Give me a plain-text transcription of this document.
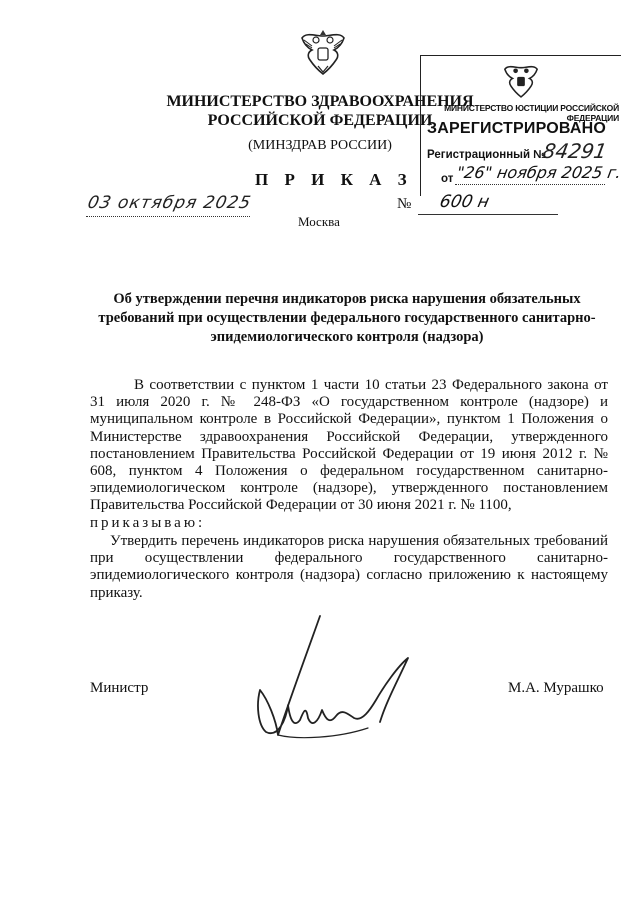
МИНИСТЕРСТВО ЗДРАВООХРАНЕНИЯ
РОССИЙСКОЙ ФЕДЕРАЦИИ
(МИНЗДРАВ РОССИИ)
МИНИСТЕРСТВО ЮСТИЦИИ РОССИЙСКОЙ ФЕДЕРАЦИИ
ЗАРЕГИСТРИРОВАНО
Регистрационный №
84291
от "26" ноября 2025 г.
П Р И К А З
03 октября 2025
Москва
№ 600 н
Об утверждении перечня индикаторов риска нарушения обязательных требований при осуществлении федерального государственного санитарно-эпидемиологического контроля (надзора)
В соответствии с пунктом 1 части 10 статьи 23 Федерального закона от 31 июля 2020 г. № 248-ФЗ «О государственном контроле (надзоре) и муниципальном контроле в Российской Федерации», пунктом 1 Положения о Министерстве здравоохранения Российской Федерации, утвержденного постановлением Правительства Российской Федерации от 19 июня 2012 г. № 608, пунктом 4 Положения о федеральном государственном санитарно-эпидемиологическом контроле (надзоре), утвержденного постановлением Правительства Российской Федерации от 30 июня 2021 г. № 1100,
приказываю:
Утвердить перечень индикаторов риска нарушения обязательных требований при осуществлении федерального государственного санитарно-эпидемиологического контроля (надзора) согласно приложению к настоящему приказу.
Министр	М.А. Мурашко
